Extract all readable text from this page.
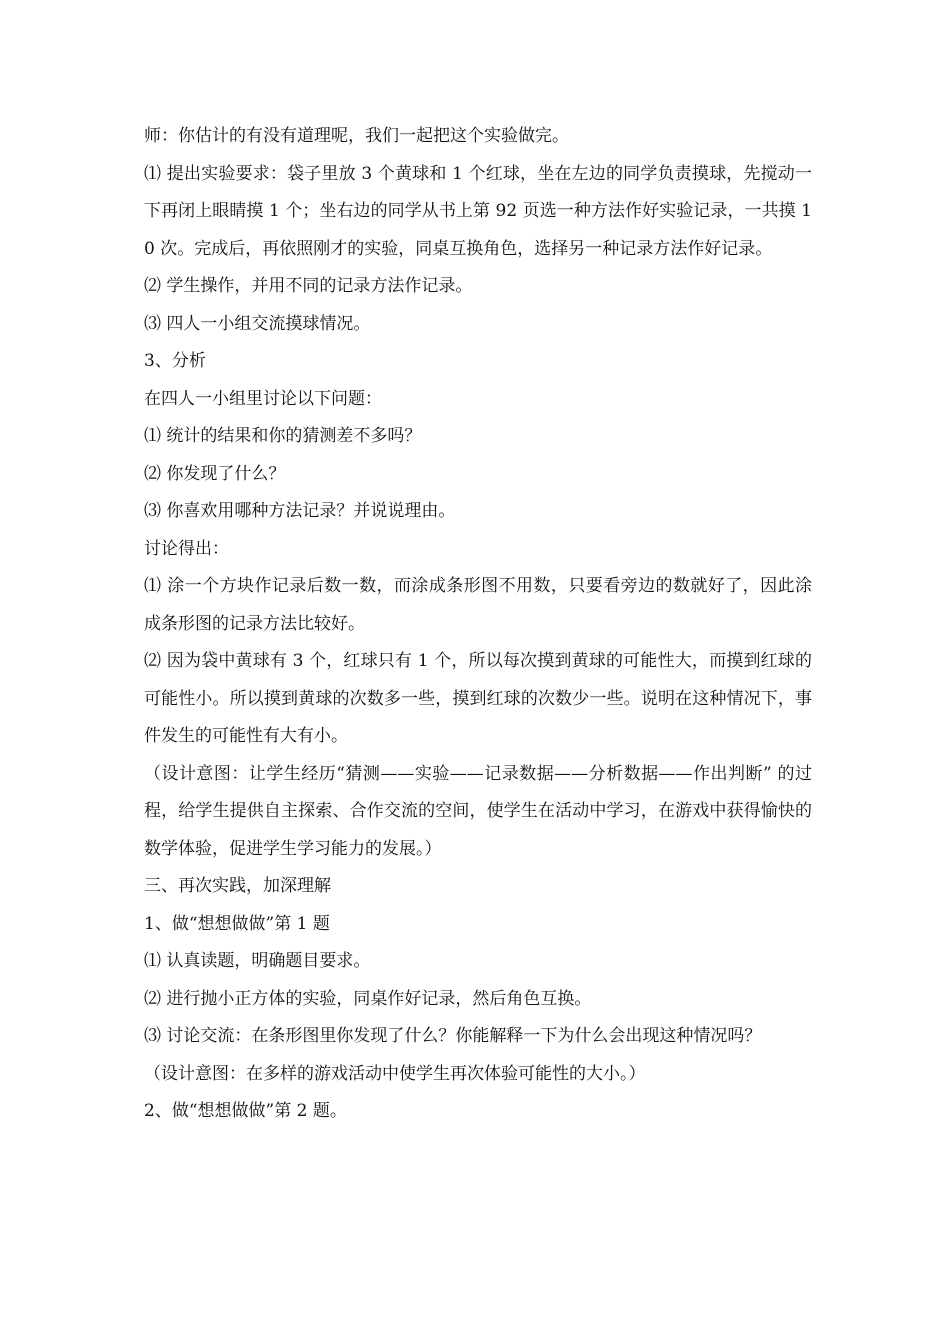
师：你估计的有没有道理呢，我们一起把这个实验做完。

⑴ 提出实验要求：袋子里放 3 个黄球和 1 个红球，坐在左边的同学负责摸球，先搅动一下再闭上眼睛摸 1 个；坐右边的同学从书上第 92 页选一种方法作好实验记录，一共摸 10 次。完成后，再依照刚才的实验，同桌互换角色，选择另一种记录方法作好记录。

⑵ 学生操作，并用不同的记录方法作记录。

⑶ 四人一小组交流摸球情况。

3、分析

在四人一小组里讨论以下问题：

⑴ 统计的结果和你的猜测差不多吗？

⑵ 你发现了什么？

⑶ 你喜欢用哪种方法记录？并说说理由。

讨论得出：

⑴ 涂一个方块作记录后数一数，而涂成条形图不用数，只要看旁边的数就好了，因此涂成条形图的记录方法比较好。

⑵ 因为袋中黄球有 3 个，红球只有 1 个，所以每次摸到黄球的可能性大，而摸到红球的可能性小。所以摸到黄球的次数多一些，摸到红球的次数少一些。说明在这种情况下，事件发生的可能性有大有小。

（设计意图：让学生经历“猜测——实验——记录数据——分析数据——作出判断” 的过程，给学生提供自主探索、合作交流的空间，使学生在活动中学习，在游戏中获得愉快的数学体验，促进学生学习能力的发展。）

三、再次实践，加深理解

1、做“想想做做”第 1 题

⑴ 认真读题，明确题目要求。

⑵ 进行抛小正方体的实验，同桌作好记录，然后角色互换。

⑶ 讨论交流：在条形图里你发现了什么？你能解释一下为什么会出现这种情况吗？

（设计意图：在多样的游戏活动中使学生再次体验可能性的大小。）

2、做“想想做做”第 2 题。
